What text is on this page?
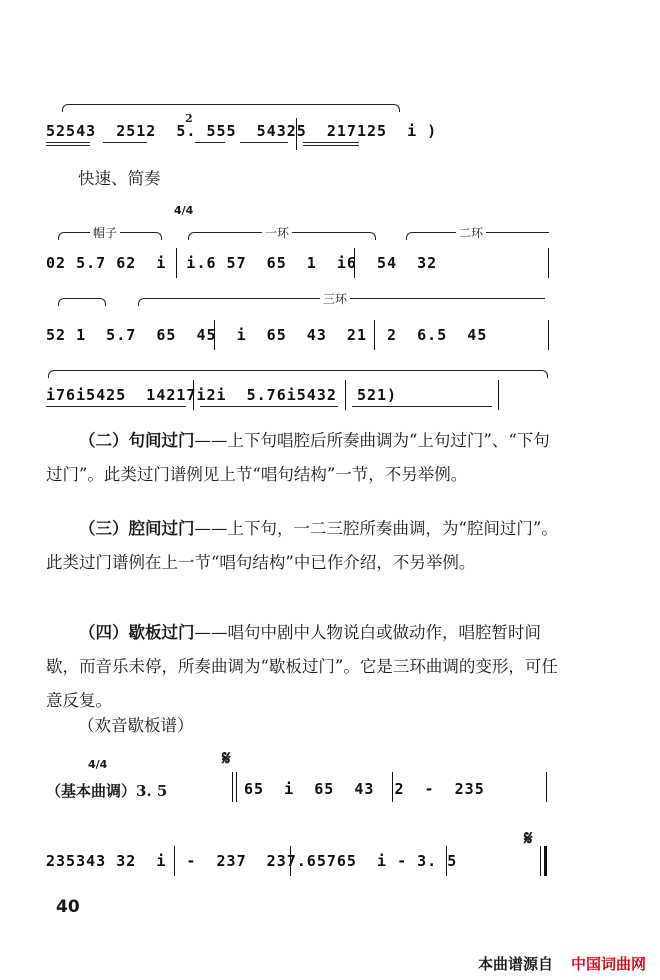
2
52543  2512  5. 555  54325  217125  i )
快速、简奏
4/4
帽子	一环	二环
02 5.7 62  i  i.6 57  65  1  i6  54  32
三环
52 1  5.7  65  45  i  65  43  21  2  6.5  45
i76i5425  14217i2i  5.76i5432  521)
（二）句间过门——上下句唱腔后所奏曲调为“上句过门”、“下句过门”。此类过门谱例见上节“唱句结构”一节，不另举例。
（三）腔间过门——上下句，一二三腔所奏曲调，为“腔间过门”。此类过门谱例在上一节“唱句结构”中已作介绍，不另举例。
（四）歇板过门——唱句中剧中人物说白或做动作，唱腔暂时间歇，而音乐未停，所奏曲调为“歇板过门”。它是三环曲调的变形，可任意反复。
（欢音歇板谱）
4/4	𝄋
（基本曲调）3. 5	65  i  65  43  2  -  235
𝄋
235343 32  i  -  237  237.65765  i - 3. 5
40
本曲谱源自 中国词曲网
